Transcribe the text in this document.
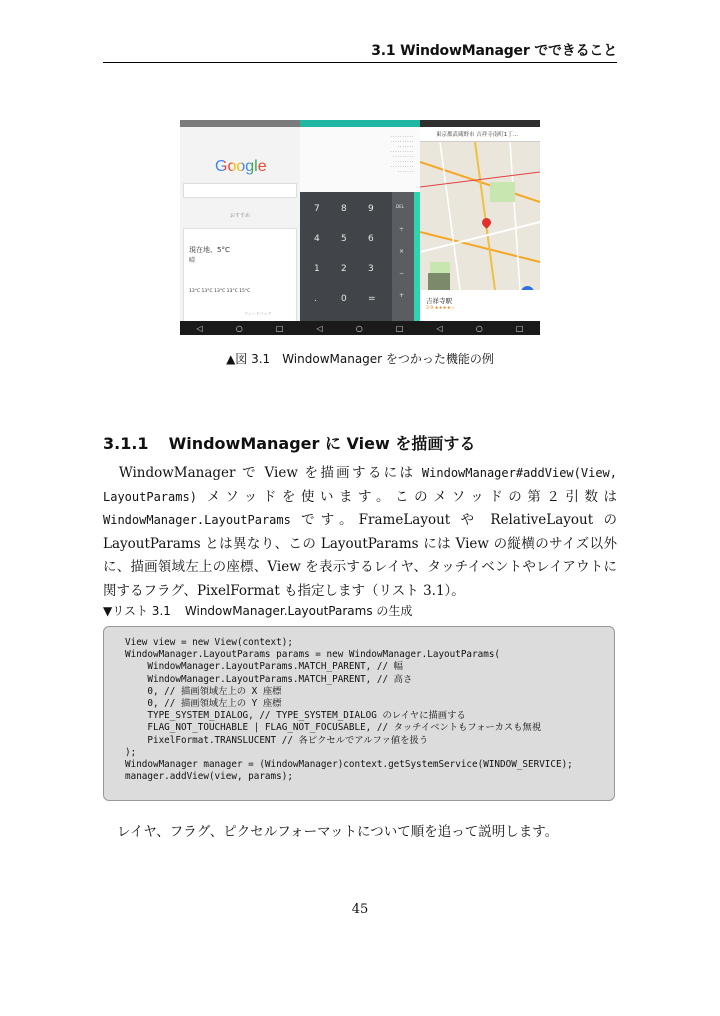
3.1 WindowManager でできること
Google
おすすめ
現在地、5°C
晴
13°C 13°C 13°C 13°C 15°C
フィードバック
◁	○	□
··········
··········
·······
··········
·········
········
··········
·······
7 8 9
4 5 6
1 2 3
.	0 =
DEL
÷
×
−
+
◁	○	□
東京都武蔵野市 吉祥寺南町1丁...
吉祥寺駅
3.9 ★★★★☆
◁	○	□
▲図 3.1　WindowManager をつかった機能の例
3.1.1 WindowManager に View を描画する

　WindowManager で View を描画するには WindowManager#addView(View, LayoutParams) メソッドを使います。このメソッドの第２引数は WindowManager.LayoutParams です。FrameLayout や RelativeLayout の LayoutParams とは異なり、この LayoutParams には View の縦横のサイズ以外に、描画領域左上の座標、View を表示するレイヤ、タッチイベントやレイアウトに関するフラグ、PixelFormat も指定します（リスト 3.1）。

▼リスト 3.1 WindowManager.LayoutParams の生成
View view = new View(context);
WindowManager.LayoutParams params = new WindowManager.LayoutParams(
WindowManager.LayoutParams.MATCH_PARENT, // 幅
WindowManager.LayoutParams.MATCH_PARENT, // 高さ
0, // 描画領域左上の X 座標
0, // 描画領域左上の Y 座標
TYPE_SYSTEM_DIALOG, // TYPE_SYSTEM_DIALOG のレイヤに描画する
FLAG_NOT_TOUCHABLE | FLAG_NOT_FOCUSABLE, // タッチイベントもフォーカスも無視
PixelFormat.TRANSLUCENT // 各ピクセルでアルファ値を扱う
);
WindowManager manager = (WindowManager)context.getSystemService(WINDOW_SERVICE);
manager.addView(view, params);
レイヤ、フラグ、ピクセルフォーマットについて順を追って説明します。
45
